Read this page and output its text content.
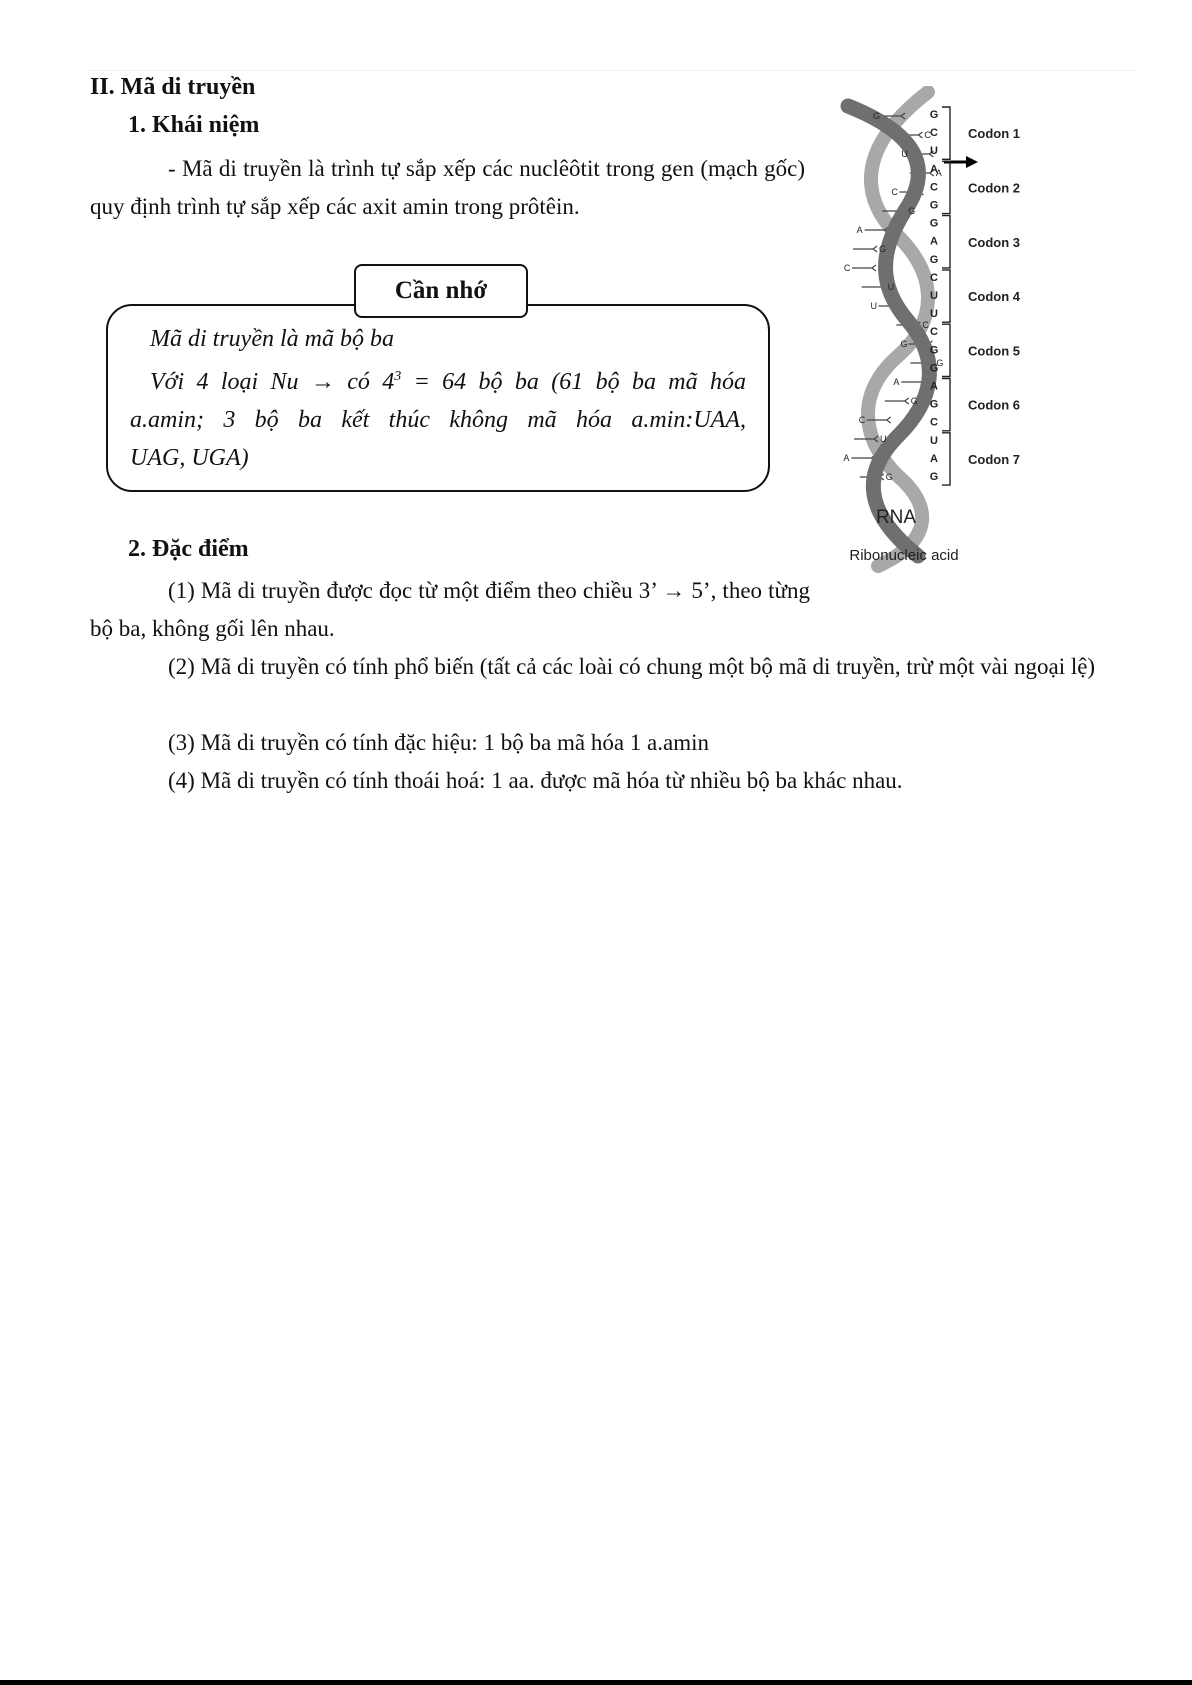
II. Mã di truyền
1. Khái niệm
- Mã di truyền là trình tự sắp xếp các nuclêôtit trong gen (mạch gốc) quy định trình tự sắp xếp các axit amin trong prôtêin.
Cần nhớ
Mã di truyền là mã bộ ba
Với 4 loại Nu → có $4^3 = 64$ bộ ba (61 bộ ba mã hóa
a.amin; 3 bộ ba kết thúc không mã hóa a.min:UAA,
UAG, UGA)
2. Đặc điểm
(1) Mã di truyền được đọc từ một điểm theo chiều 3’ → 5’, theo từng bộ ba, không gối lên nhau.
(2) Mã di truyền có tính phổ biến (tất cả các loài có chung một bộ mã di truyền, trừ một vài ngoại lệ)
(3) Mã di truyền có tính đặc hiệu: 1 bộ ba mã hóa 1 a.amin
(4) Mã di truyền có tính thoái hoá: 1 aa. được mã hóa từ nhiều bộ ba khác nhau.
G
C
U
A
C
G
A
G
C
U
U
C
G
G
A
G
C
U
A
G
G
C
U
A
C
G
G
A
G
C
U
U
C
G
G
A
G
C
U
A
G
Codon 1
Codon 2
Codon 3
Codon 4
Codon 5
Codon 6
Codon 7
RNA
Ribonucleic acid
